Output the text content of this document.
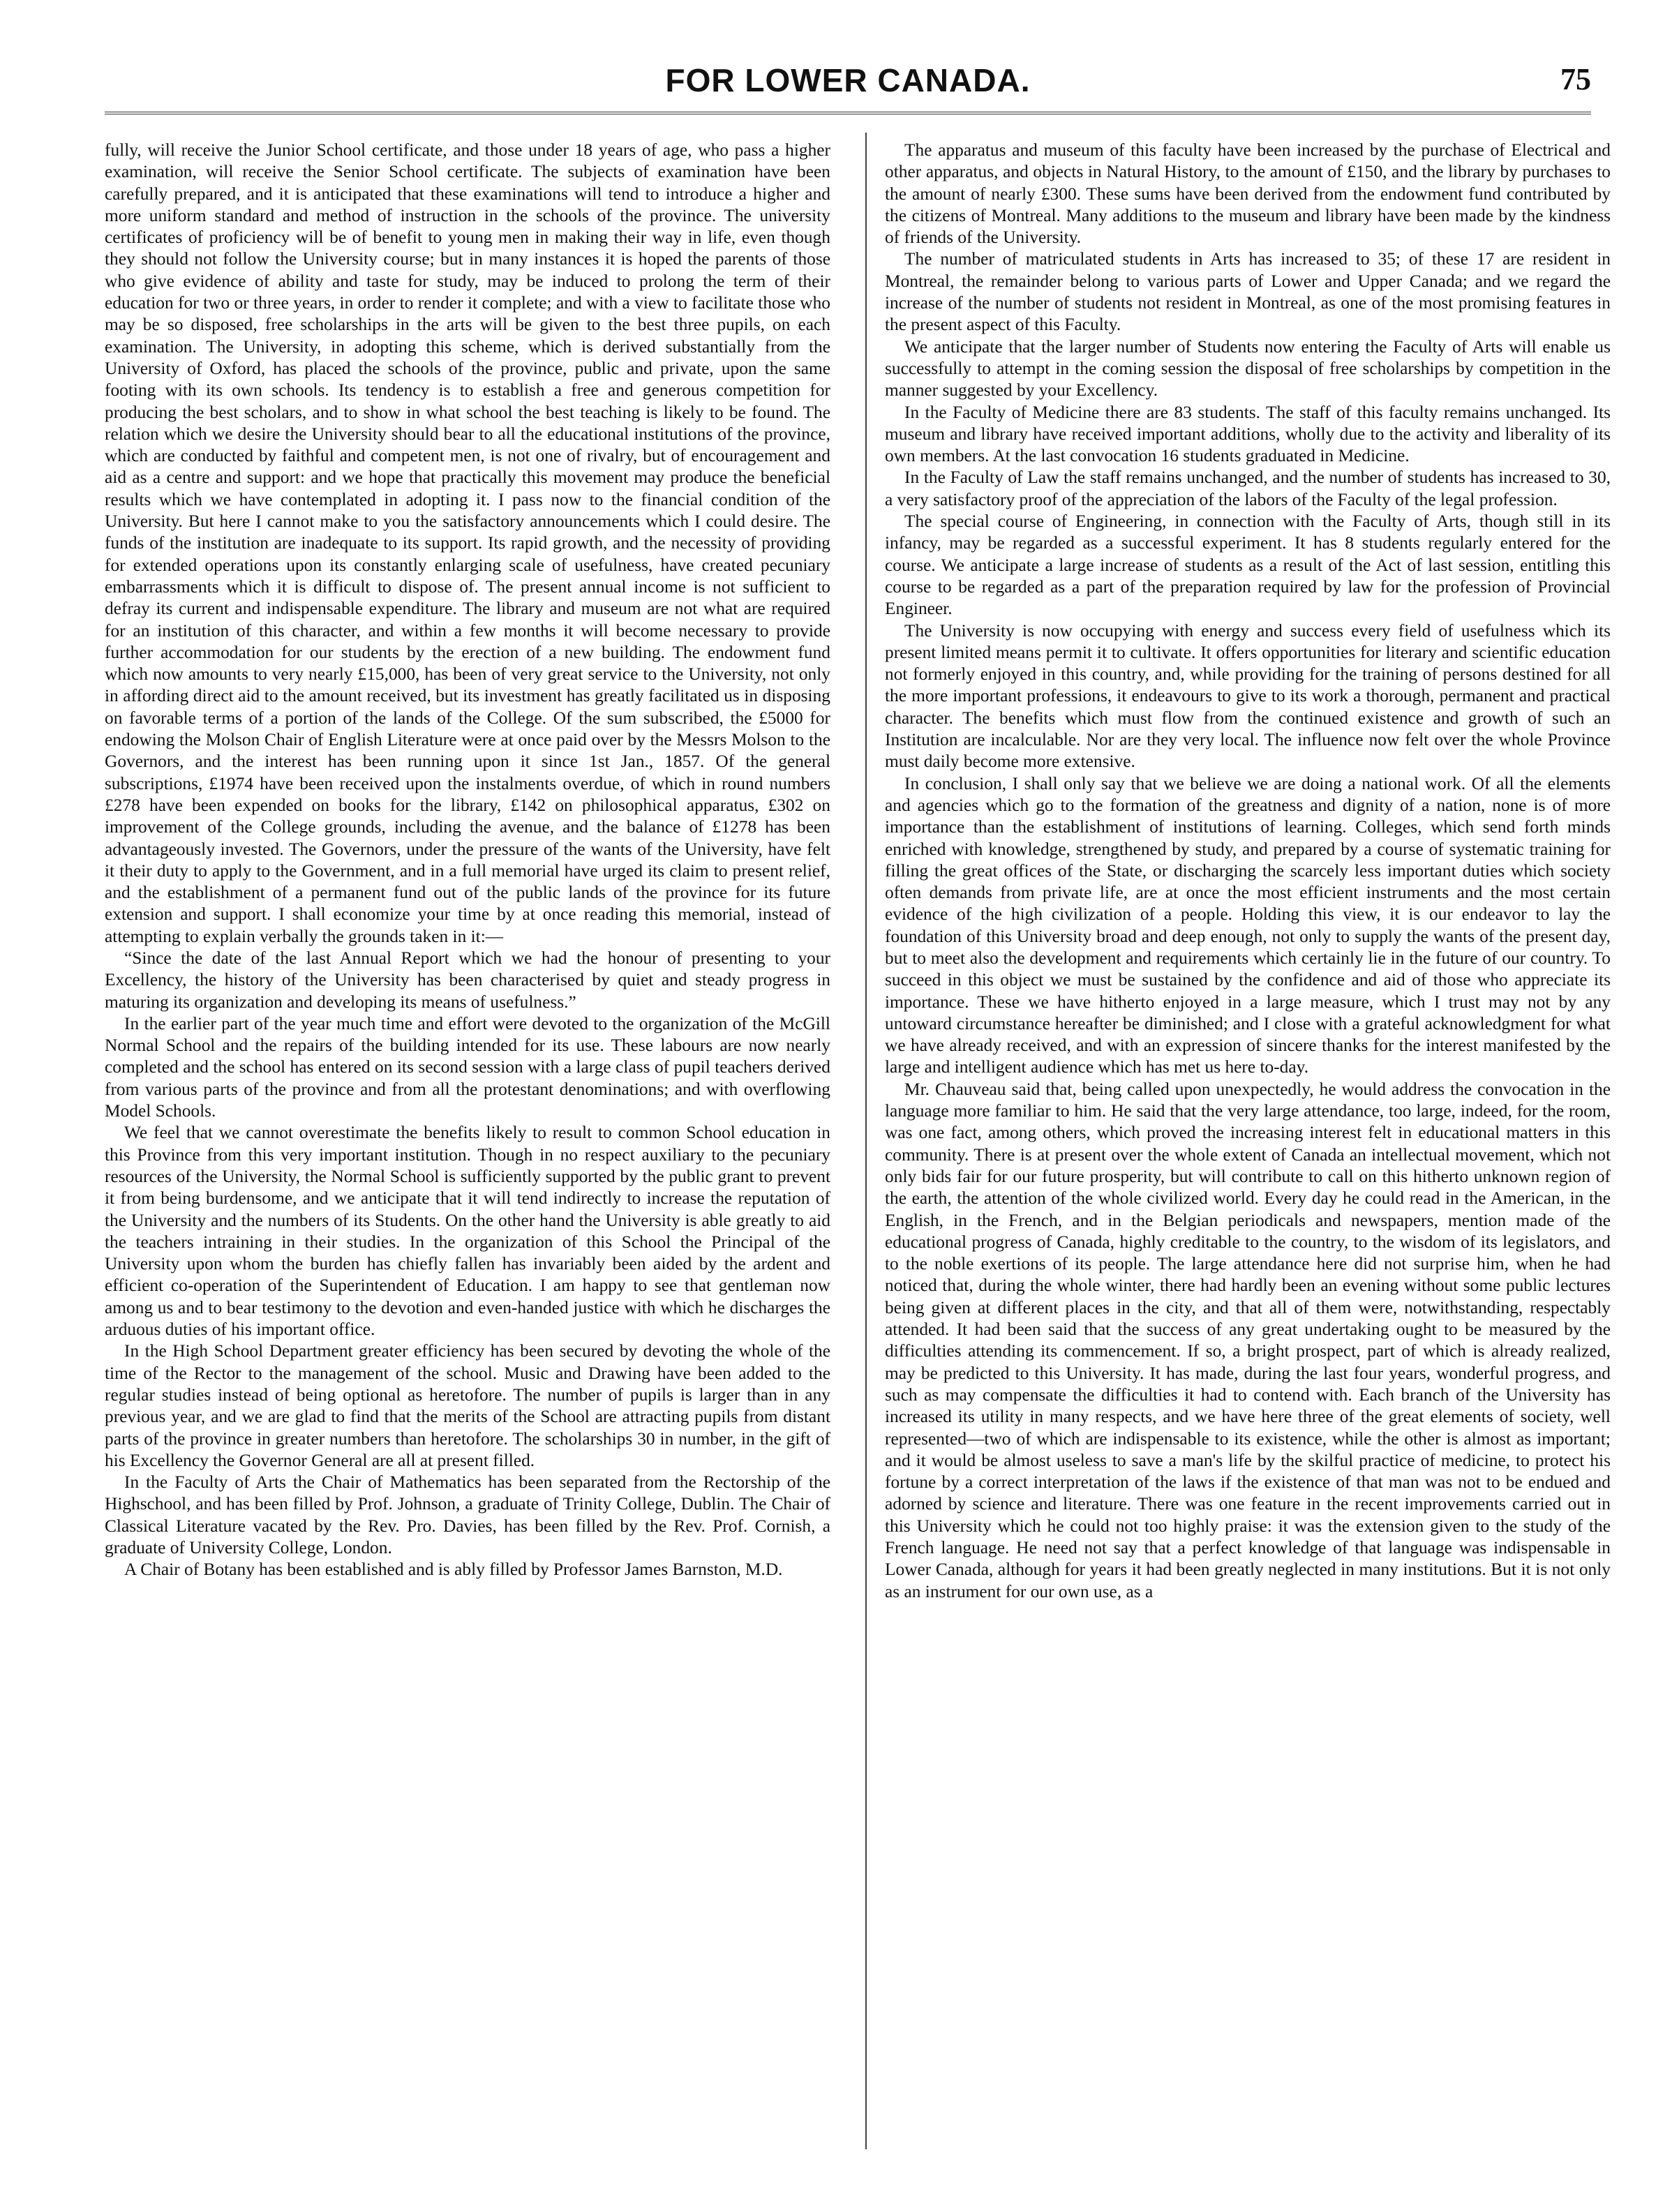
FOR LOWER CANADA.	75

fully, will receive the Junior School certificate, and those under 18 years of age, who pass a higher examination, will receive the Senior School certificate. The subjects of examination have been carefully prepared, and it is anticipated that these examinations will tend to introduce a higher and more uniform standard and method of instruction in the schools of the province. The university certificates of proficiency will be of benefit to young men in making their way in life, even though they should not follow the University course; but in many instances it is hoped the parents of those who give evidence of ability and taste for study, may be induced to prolong the term of their education for two or three years, in order to render it complete; and with a view to facilitate those who may be so disposed, free scholarships in the arts will be given to the best three pupils, on each examination. The University, in adopting this scheme, which is derived substantially from the University of Oxford, has placed the schools of the province, public and private, upon the same footing with its own schools. Its tendency is to establish a free and generous competition for producing the best scholars, and to show in what school the best teaching is likely to be found. The relation which we desire the University should bear to all the educational institutions of the province, which are conducted by faithful and competent men, is not one of rivalry, but of encouragement and aid as a centre and support: and we hope that practically this movement may produce the beneficial results which we have contemplated in adopting it. I pass now to the financial condition of the University. But here I cannot make to you the satisfactory announcements which I could desire. The funds of the institution are inadequate to its support. Its rapid growth, and the necessity of providing for extended operations upon its constantly enlarging scale of usefulness, have created pecuniary embarrassments which it is difficult to dispose of. The present annual income is not sufficient to defray its current and indispensable expenditure. The library and museum are not what are required for an institution of this character, and within a few months it will become necessary to provide further accommodation for our students by the erection of a new building. The endowment fund which now amounts to very nearly £15,000, has been of very great service to the University, not only in affording direct aid to the amount received, but its investment has greatly facilitated us in disposing on favorable terms of a portion of the lands of the College. Of the sum subscribed, the £5000 for endowing the Molson Chair of English Literature were at once paid over by the Messrs Molson to the Governors, and the interest has been running upon it since 1st Jan., 1857. Of the general subscriptions, £1974 have been received upon the instalments overdue, of which in round numbers £278 have been expended on books for the library, £142 on philosophical apparatus, £302 on improvement of the College grounds, including the avenue, and the balance of £1278 has been advantageously invested. The Governors, under the pressure of the wants of the University, have felt it their duty to apply to the Government, and in a full memorial have urged its claim to present relief, and the establishment of a permanent fund out of the public lands of the province for its future extension and support. I shall economize your time by at once reading this memorial, instead of attempting to explain verbally the grounds taken in it:—

“Since the date of the last Annual Report which we had the honour of presenting to your Excellency, the history of the University has been characterised by quiet and steady progress in maturing its organization and developing its means of usefulness.”

In the earlier part of the year much time and effort were devoted to the organization of the McGill Normal School and the repairs of the building intended for its use. These labours are now nearly completed and the school has entered on its second session with a large class of pupil teachers derived from various parts of the province and from all the protestant denominations; and with overflowing Model Schools.

We feel that we cannot overestimate the benefits likely to result to common School education in this Province from this very important institution. Though in no respect auxiliary to the pecuniary resources of the University, the Normal School is sufficiently supported by the public grant to prevent it from being burdensome, and we anticipate that it will tend indirectly to increase the reputation of the University and the numbers of its Students. On the other hand the University is able greatly to aid the teachers intraining in their studies. In the organization of this School the Principal of the University upon whom the burden has chiefly fallen has invariably been aided by the ardent and efficient co-operation of the Superintendent of Education. I am happy to see that gentleman now among us and to bear testimony to the devotion and even-handed justice with which he discharges the arduous duties of his important office.

In the High School Department greater efficiency has been secured by devoting the whole of the time of the Rector to the management of the school. Music and Drawing have been added to the regular studies instead of being optional as heretofore. The number of pupils is larger than in any previous year, and we are glad to find that the merits of the School are attracting pupils from distant parts of the province in greater numbers than heretofore. The scholarships 30 in number, in the gift of his Excellency the Governor General are all at present filled.

In the Faculty of Arts the Chair of Mathematics has been separated from the Rectorship of the Highschool, and has been filled by Prof. Johnson, a graduate of Trinity College, Dublin. The Chair of Classical Literature vacated by the Rev. Pro. Davies, has been filled by the Rev. Prof. Cornish, a graduate of University College, London.

A Chair of Botany has been established and is ably filled by Professor James Barnston, M.D.

The apparatus and museum of this faculty have been increased by the purchase of Electrical and other apparatus, and objects in Natural History, to the amount of £150, and the library by purchases to the amount of nearly £300. These sums have been derived from the endowment fund contributed by the citizens of Montreal. Many additions to the museum and library have been made by the kindness of friends of the University.

The number of matriculated students in Arts has increased to 35; of these 17 are resident in Montreal, the remainder belong to various parts of Lower and Upper Canada; and we regard the increase of the number of students not resident in Montreal, as one of the most promising features in the present aspect of this Faculty.

We anticipate that the larger number of Students now entering the Faculty of Arts will enable us successfully to attempt in the coming session the disposal of free scholarships by competition in the manner suggested by your Excellency.

In the Faculty of Medicine there are 83 students. The staff of this faculty remains unchanged. Its museum and library have received important additions, wholly due to the activity and liberality of its own members. At the last convocation 16 students graduated in Medicine.

In the Faculty of Law the staff remains unchanged, and the number of students has increased to 30, a very satisfactory proof of the appreciation of the labors of the Faculty of the legal profession.

The special course of Engineering, in connection with the Faculty of Arts, though still in its infancy, may be regarded as a successful experiment. It has 8 students regularly entered for the course. We anticipate a large increase of students as a result of the Act of last session, entitling this course to be regarded as a part of the preparation required by law for the profession of Provincial Engineer.

The University is now occupying with energy and success every field of usefulness which its present limited means permit it to cultivate. It offers opportunities for literary and scientific education not formerly enjoyed in this country, and, while providing for the training of persons destined for all the more important professions, it endeavours to give to its work a thorough, permanent and practical character. The benefits which must flow from the continued existence and growth of such an Institution are incalculable. Nor are they very local. The influence now felt over the whole Province must daily become more extensive.

In conclusion, I shall only say that we believe we are doing a national work. Of all the elements and agencies which go to the formation of the greatness and dignity of a nation, none is of more importance than the establishment of institutions of learning. Colleges, which send forth minds enriched with knowledge, strengthened by study, and prepared by a course of systematic training for filling the great offices of the State, or discharging the scarcely less important duties which society often demands from private life, are at once the most efficient instruments and the most certain evidence of the high civilization of a people. Holding this view, it is our endeavor to lay the foundation of this University broad and deep enough, not only to supply the wants of the present day, but to meet also the development and requirements which certainly lie in the future of our country. To succeed in this object we must be sustained by the confidence and aid of those who appreciate its importance. These we have hitherto enjoyed in a large measure, which I trust may not by any untoward circumstance hereafter be diminished; and I close with a grateful acknowledgment for what we have already received, and with an expression of sincere thanks for the interest manifested by the large and intelligent audience which has met us here to-day.

Mr. Chauveau said that, being called upon unexpectedly, he would address the convocation in the language more familiar to him. He said that the very large attendance, too large, indeed, for the room, was one fact, among others, which proved the increasing interest felt in educational matters in this community. There is at present over the whole extent of Canada an intellectual movement, which not only bids fair for our future prosperity, but will contribute to call on this hitherto unknown region of the earth, the attention of the whole civilized world. Every day he could read in the American, in the English, in the French, and in the Belgian periodicals and newspapers, mention made of the educational progress of Canada, highly creditable to the country, to the wisdom of its legislators, and to the noble exertions of its people. The large attendance here did not surprise him, when he had noticed that, during the whole winter, there had hardly been an evening without some public lectures being given at different places in the city, and that all of them were, notwithstanding, respectably attended. It had been said that the success of any great undertaking ought to be measured by the difficulties attending its commencement. If so, a bright prospect, part of which is already realized, may be predicted to this University. It has made, during the last four years, wonderful progress, and such as may compensate the difficulties it had to contend with. Each branch of the University has increased its utility in many respects, and we have here three of the great elements of society, well represented—two of which are indispensable to its existence, while the other is almost as important; and it would be almost useless to save a man's life by the skilful practice of medicine, to protect his fortune by a correct interpretation of the laws if the existence of that man was not to be endued and adorned by science and literature. There was one feature in the recent improvements carried out in this University which he could not too highly praise: it was the extension given to the study of the French language. He need not say that a perfect knowledge of that language was indispensable in Lower Canada, although for years it had been greatly neglected in many institutions. But it is not only as an instrument for our own use, as a
